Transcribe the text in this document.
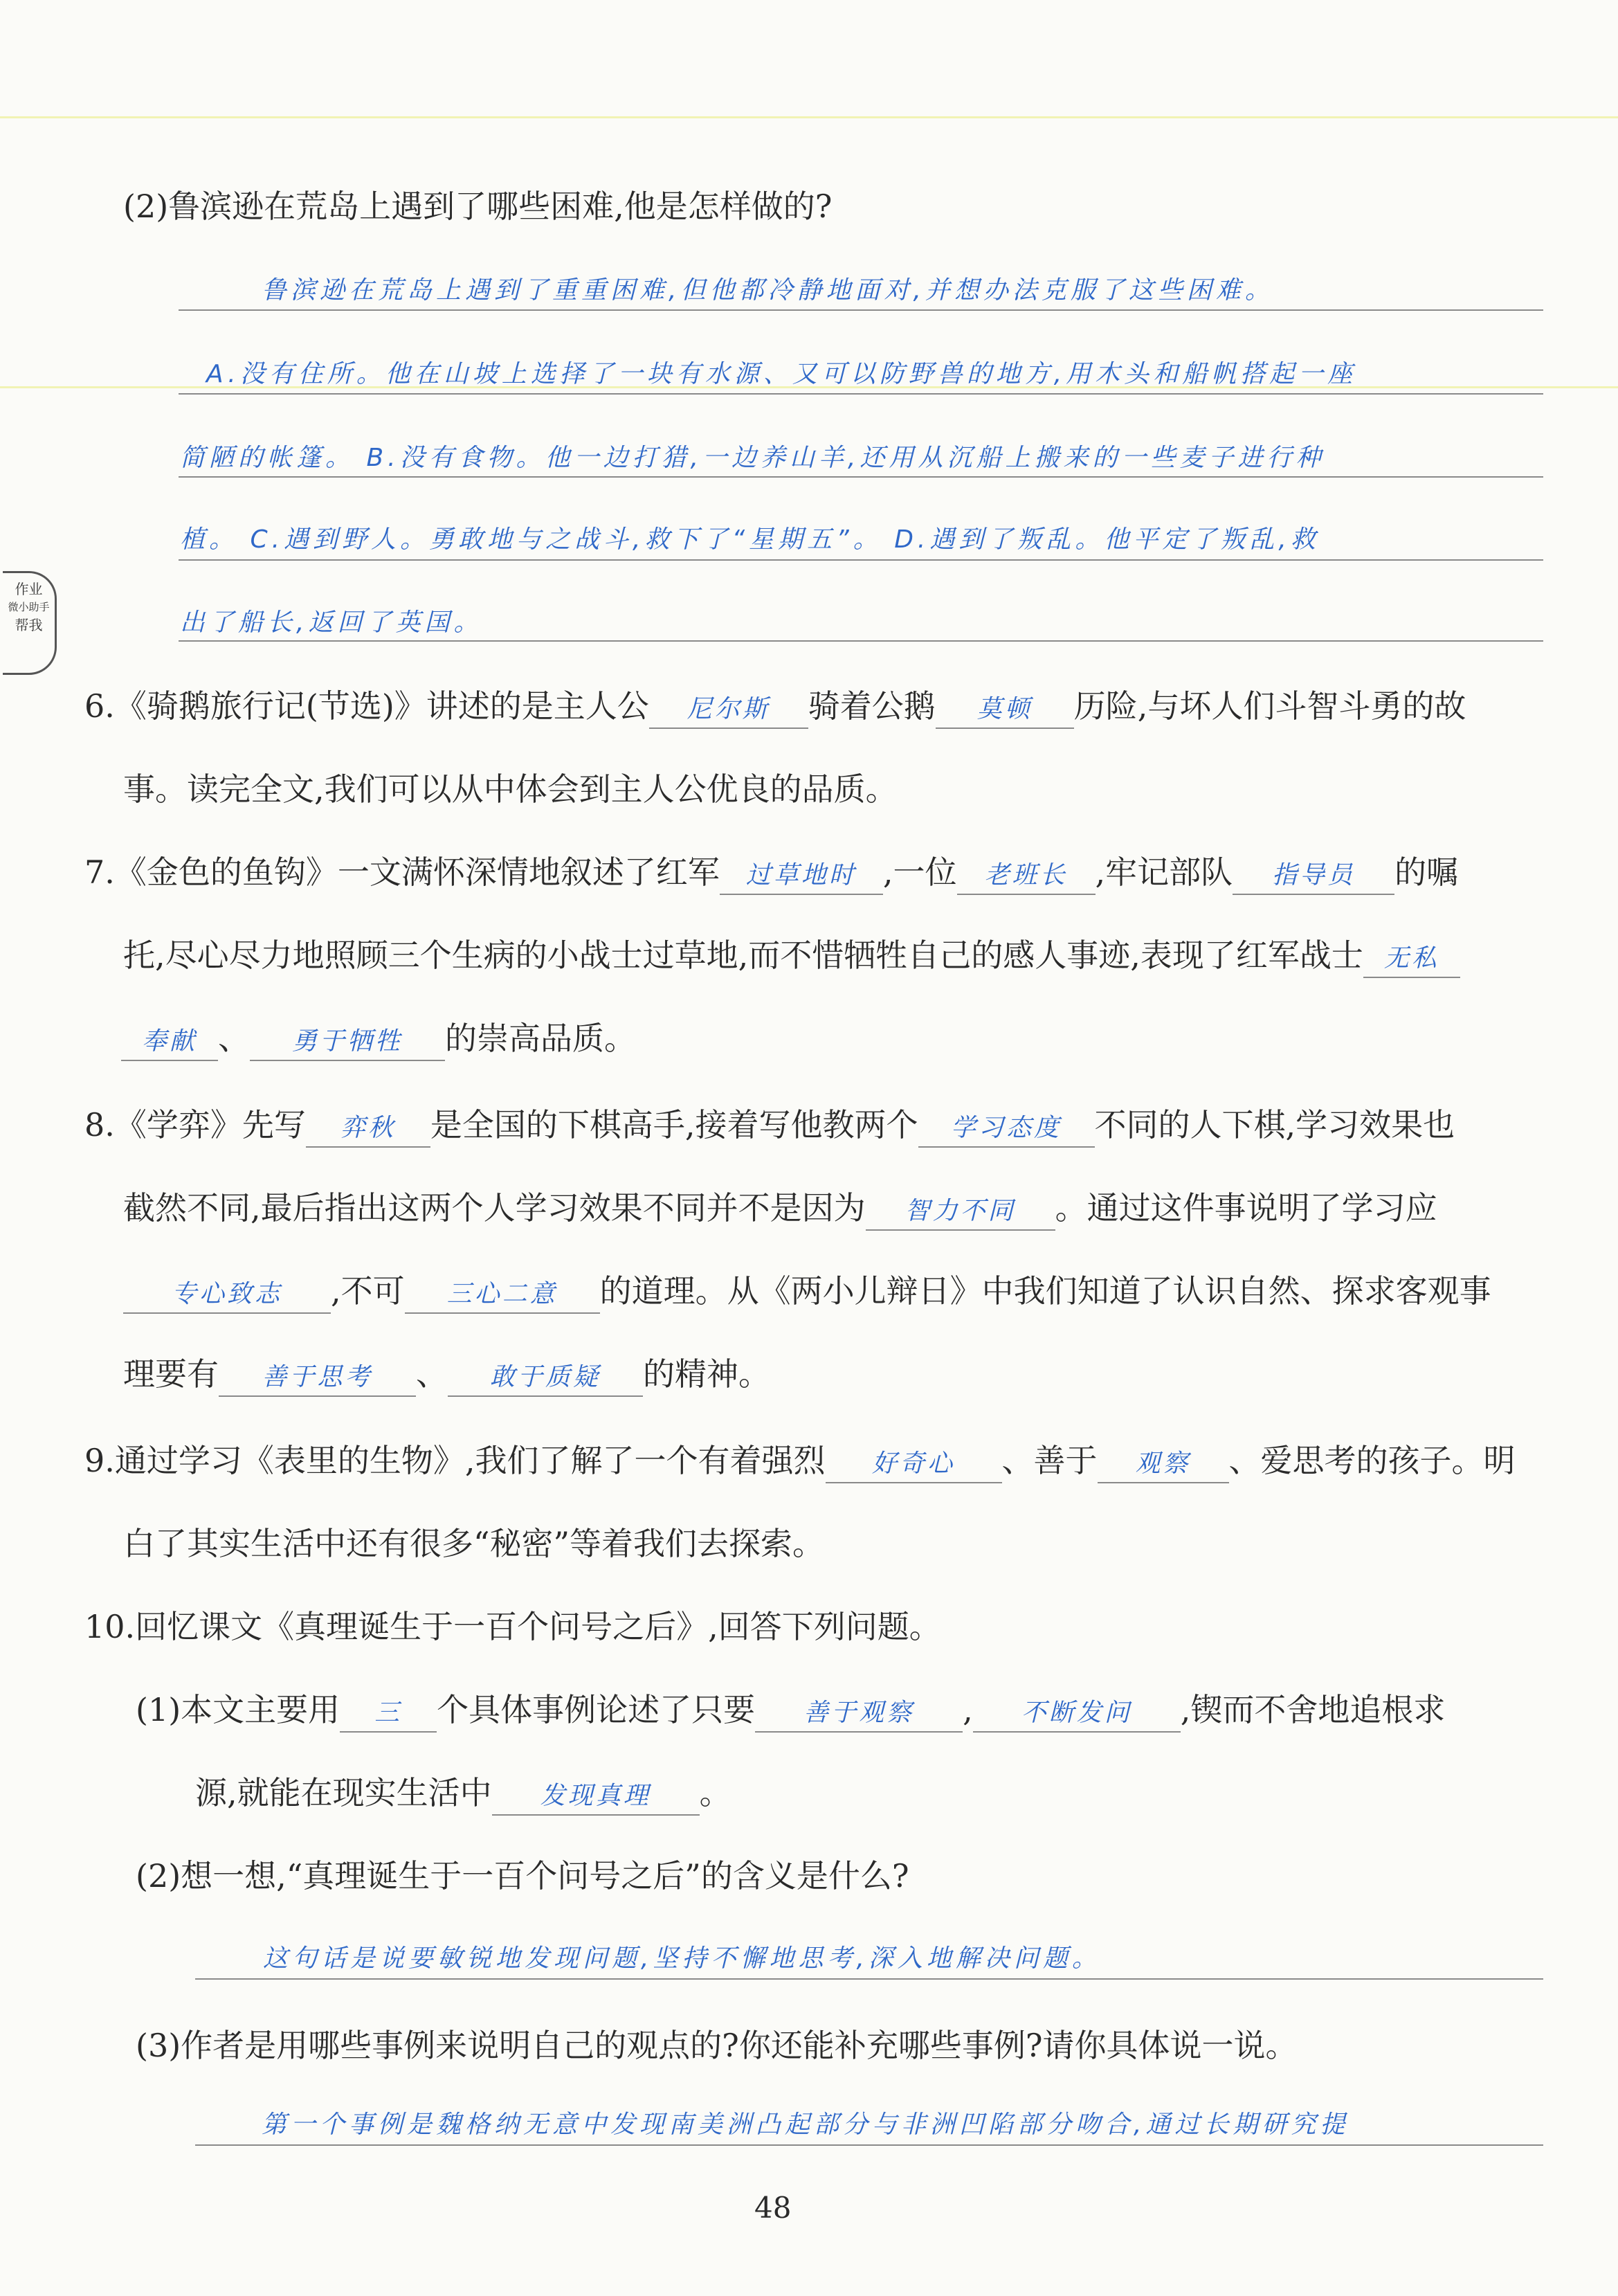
(2)鲁滨逊在荒岛上遇到了哪些困难,他是怎样做的?
鲁滨逊在荒岛上遇到了重重困难,但他都冷静地面对,并想办法克服了这些困难。
A.没有住所。他在山坡上选择了一块有水源、又可以防野兽的地方,用木头和船帆搭起一座
简陋的帐篷。 B.没有食物。他一边打猎,一边养山羊,还用从沉船上搬来的一些麦子进行种
植。 C.遇到野人。勇敢地与之战斗,救下了“星期五”。 D.遇到了叛乱。他平定了叛乱,救
出了船长,返回了英国。
作业
微小助手
帮我
6.《骑鹅旅行记(节选)》讲述的是主人公 尼尔斯 骑着公鹅 莫顿 历险,与坏人们斗智斗勇的故
事。读完全文,我们可以从中体会到主人公优良的品质。
7.《金色的鱼钩》一文满怀深情地叙述了红军 过草地时 ,一位 老班长 ,牢记部队 指导员 的嘱
托,尽心尽力地照顾三个生病的小战士过草地,而不惜牺牲自己的感人事迹,表现了红军战士 无私
奉献 、 勇于牺牲 的崇高品质。
8.《学弈》先写 弈秋 是全国的下棋高手,接着写他教两个 学习态度 不同的人下棋,学习效果也
截然不同,最后指出这两个人学习效果不同并不是因为 智力不同 。通过这件事说明了学习应
专心致志 ,不可 三心二意 的道理。从《两小儿辩日》中我们知道了认识自然、探求客观事
理要有 善于思考 、 敢于质疑 的精神。
9.通过学习《表里的生物》,我们了解了一个有着强烈 好奇心 、善于 观察 、爱思考的孩子。明
白了其实生活中还有很多“秘密”等着我们去探索。
10.回忆课文《真理诞生于一百个问号之后》,回答下列问题。
(1)本文主要用 三 个具体事例论述了只要 善于观察 , 不断发问 ,锲而不舍地追根求
源,就能在现实生活中 发现真理 。
(2)想一想,“真理诞生于一百个问号之后”的含义是什么?
这句话是说要敏锐地发现问题,坚持不懈地思考,深入地解决问题。
(3)作者是用哪些事例来说明自己的观点的?你还能补充哪些事例?请你具体说一说。
第一个事例是魏格纳无意中发现南美洲凸起部分与非洲凹陷部分吻合,通过长期研究提
48
